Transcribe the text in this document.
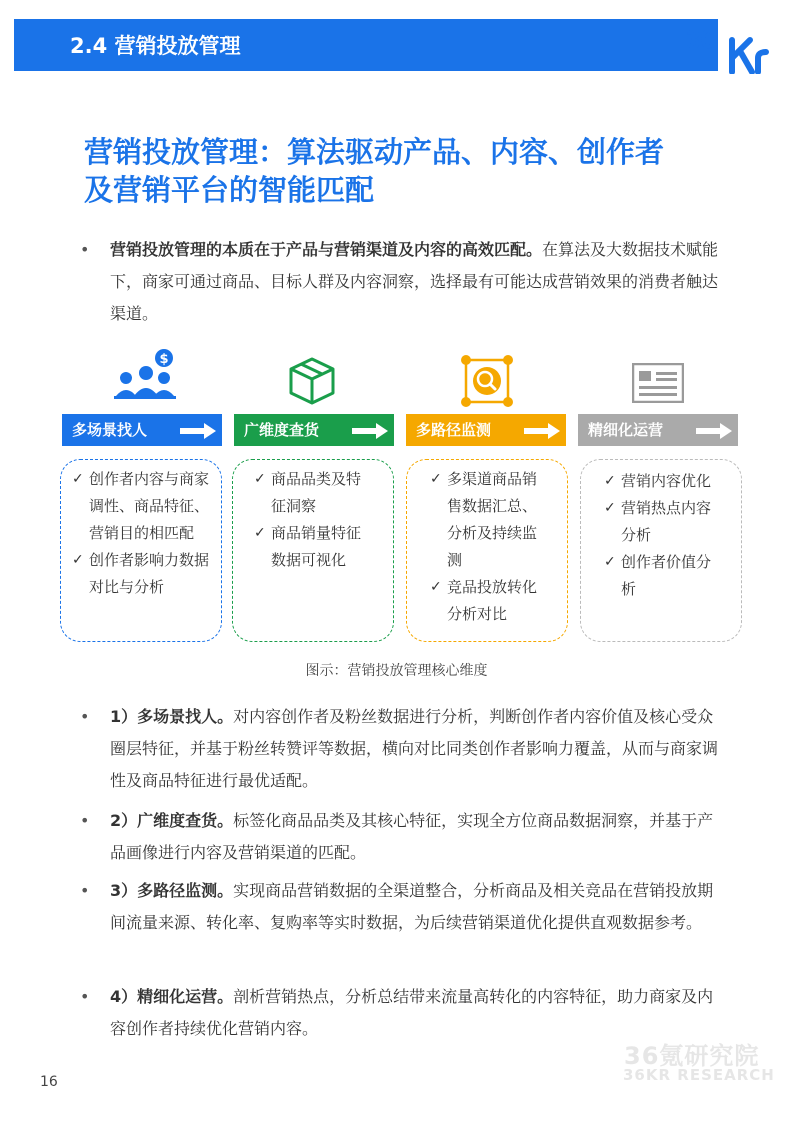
2.4 营销投放管理	36
营销投放管理：算法驱动产品、内容、创作者
及营销平台的智能匹配
•	营销投放管理的本质在于产品与营销渠道及内容的高效匹配。在算法及大数据技术赋能下，商家可通过商品、目标人群及内容洞察，选择最有可能达成营销效果的消费者触达渠道。
$
多场景找人	广维度查货	多路径监测	精细化运营
✓ 创作者内容与商家调性、商品特征、营销目的相匹配
✓ 创作者影响力数据对比与分析
✓ 商品品类及特征洞察
✓ 商品销量特征数据可视化
✓ 多渠道商品销售数据汇总、分析及持续监测
✓ 竞品投放转化分析对比
✓ 营销内容优化
✓ 营销热点内容分析
✓ 创作者价值分析
图示：营销投放管理核心维度
•	1）多场景找人。对内容创作者及粉丝数据进行分析，判断创作者内容价值及核心受众圈层特征，并基于粉丝转赞评等数据，横向对比同类创作者影响力覆盖，从而与商家调性及商品特征进行最优适配。
•	2）广维度查货。标签化商品品类及其核心特征，实现全方位商品数据洞察，并基于产品画像进行内容及营销渠道的匹配。
•	3）多路径监测。实现商品营销数据的全渠道整合，分析商品及相关竞品在营销投放期间流量来源、转化率、复购率等实时数据，为后续营销渠道优化提供直观数据参考。
•	4）精细化运营。剖析营销热点，分析总结带来流量高转化的内容特征，助力商家及内容创作者持续优化营销内容。
36氪研究院
36KR RESEARCH
16
